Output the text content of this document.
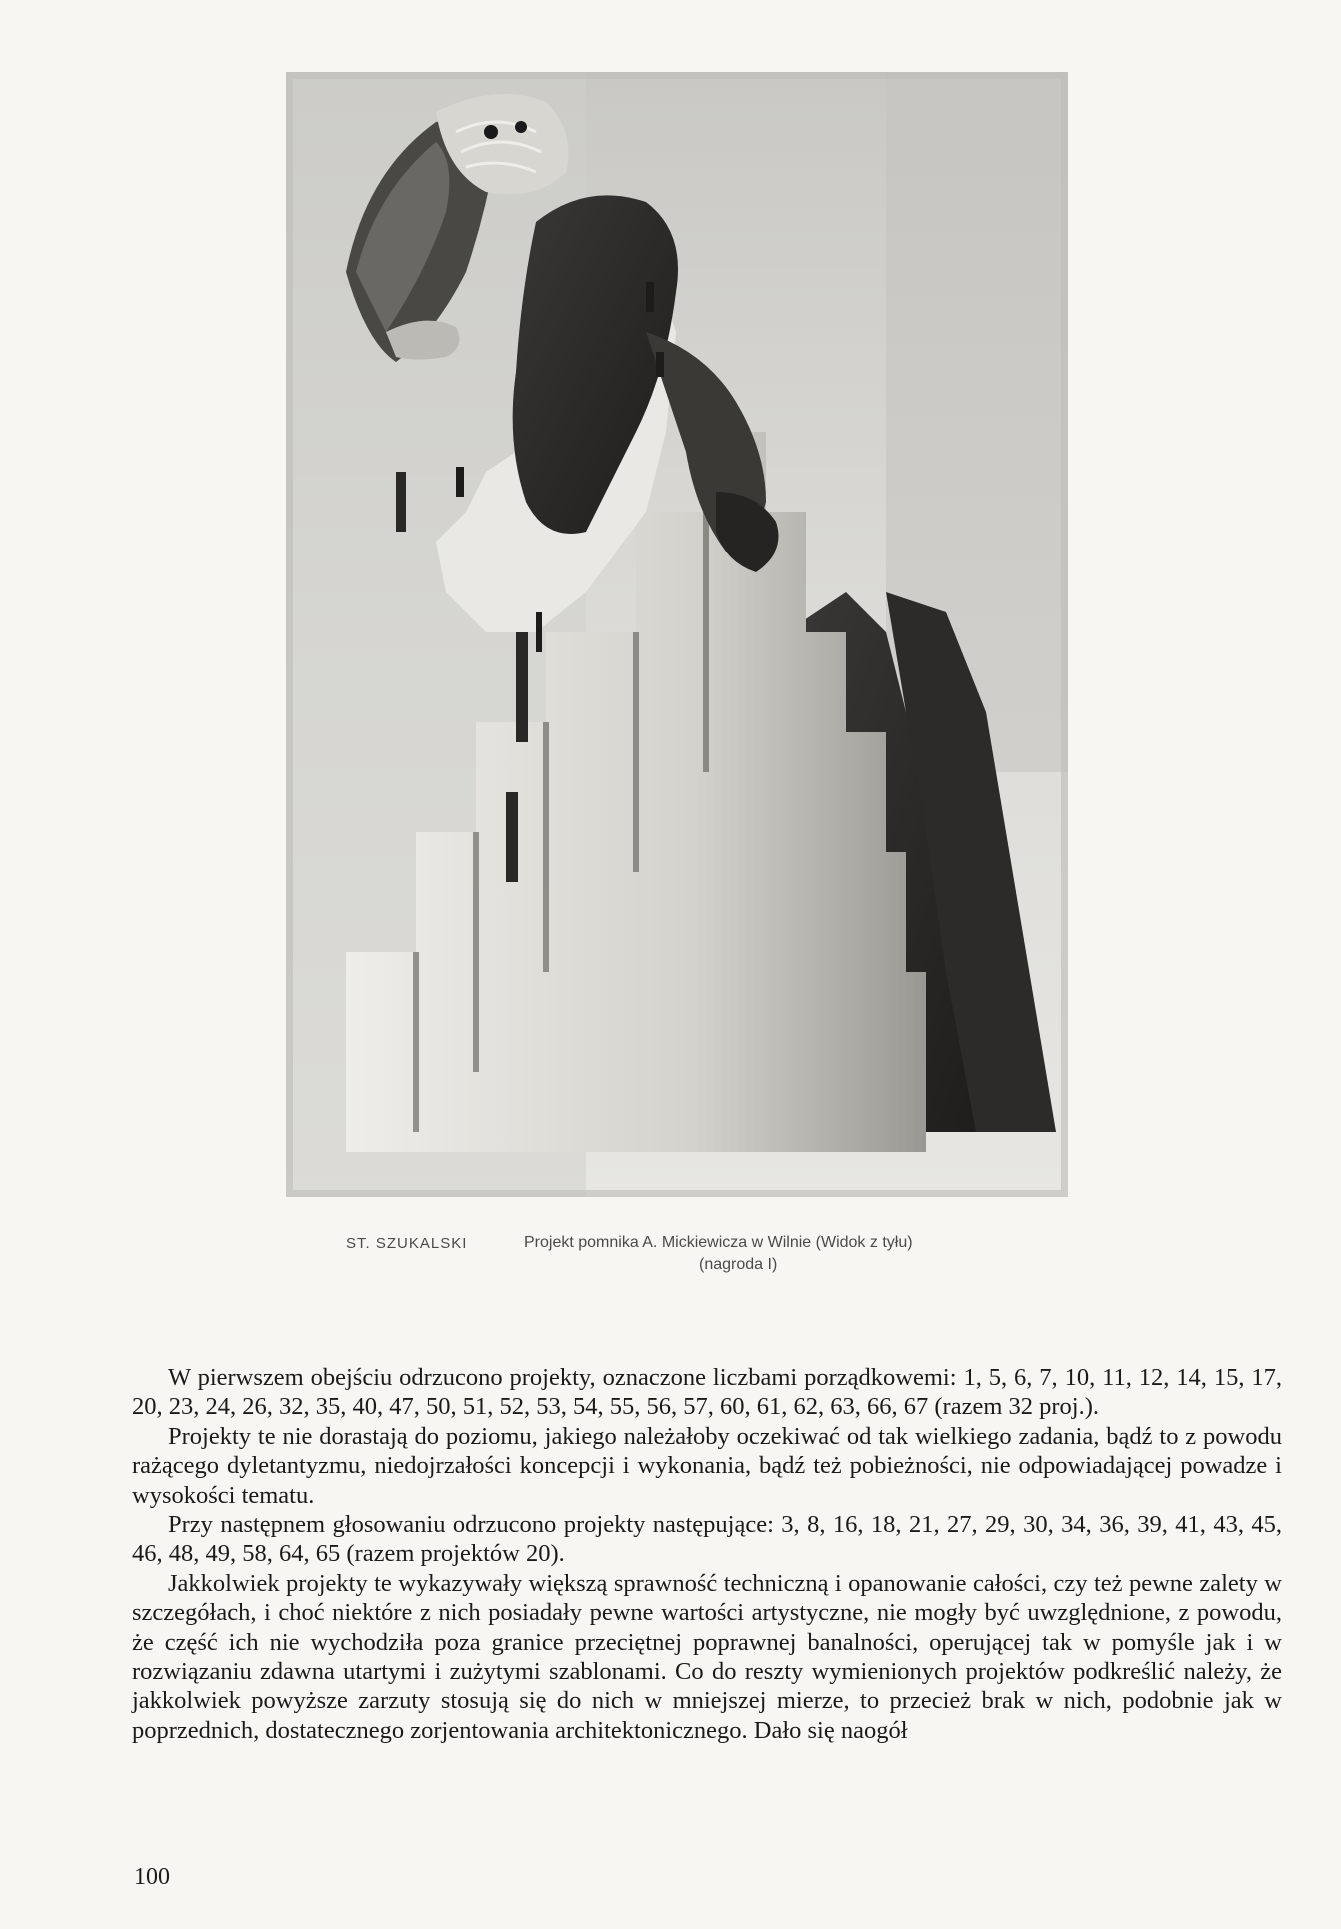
ST. SZUKALSKI	Projekt pomnika A. Mickiewicza w Wilnie (Widok z tyłu)
(nagroda I)

W pierwszem obejściu odrzucono projekty, oznaczone liczbami porządkowemi: 1, 5, 6, 7, 10, 11, 12, 14, 15, 17, 20, 23, 24, 26, 32, 35, 40, 47, 50, 51, 52, 53, 54, 55, 56, 57, 60, 61, 62, 63, 66, 67 (razem 32 proj.).

Projekty te nie dorastają do poziomu, jakiego należałoby oczekiwać od tak wielkiego zadania, bądź to z powodu rażącego dyletantyzmu, niedojrzałości koncepcji i wykonania, bądź też pobieżności, nie odpowiadającej powadze i wysokości tematu.

Przy następnem głosowaniu odrzucono projekty następujące: 3, 8, 16, 18, 21, 27, 29, 30, 34, 36, 39, 41, 43, 45, 46, 48, 49, 58, 64, 65 (razem projektów 20).

Jakkolwiek projekty te wykazywały większą sprawność techniczną i opanowanie całości, czy też pewne zalety w szczegółach, i choć niektóre z nich posiadały pewne wartości artystyczne, nie mogły być uwzględnione, z powodu, że część ich nie wychodziła poza granice przeciętnej poprawnej banalności, operującej tak w pomyśle jak i w rozwiązaniu zdawna utartymi i zużytymi szablonami. Co do reszty wymienionych projektów podkreślić należy, że jakkolwiek powyższe zarzuty stosują się do nich w mniejszej mierze, to przecież brak w nich, podobnie jak w poprzednich, dostatecznego zorjentowania architektonicznego. Dało się naogół

100
